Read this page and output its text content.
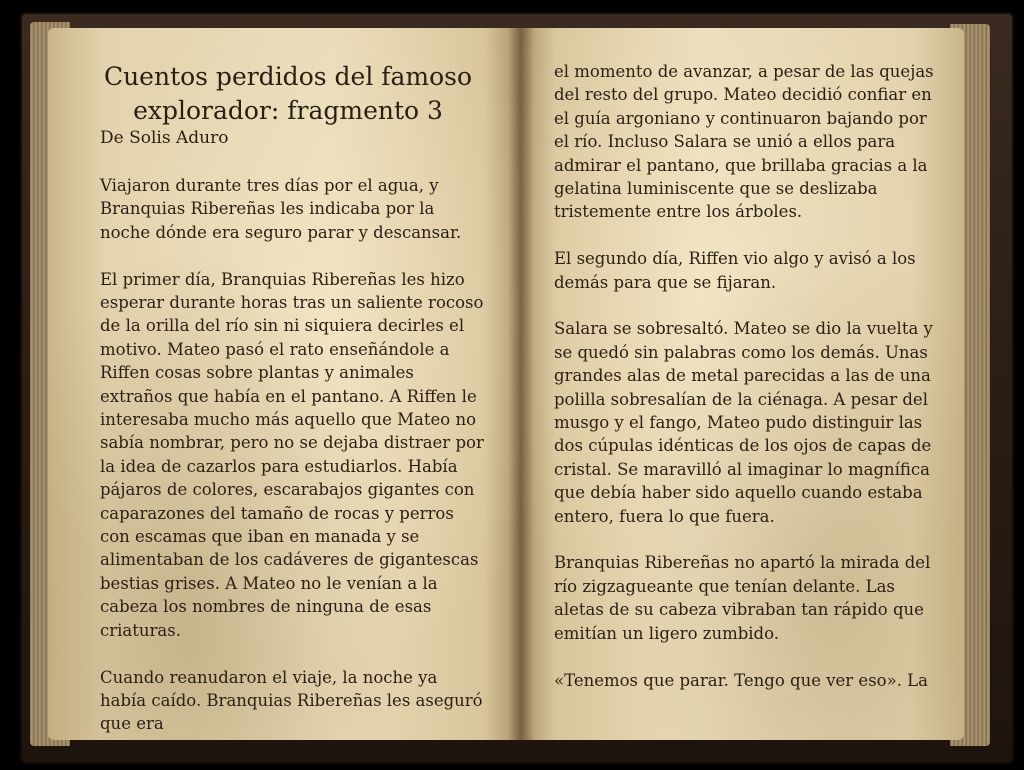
Cuentos perdidos del famoso explorador: fragmento 3
De Solis Aduro

Viajaron durante tres días por el agua, y Branquias Ribereñas les indicaba por la noche dónde era seguro parar y descansar.

El primer día, Branquias Ribereñas les hizo esperar durante horas tras un saliente rocoso de la orilla del río sin ni siquiera decirles el motivo. Mateo pasó el rato enseñándole a Riffen cosas sobre plantas y animales extraños que había en el pantano. A Riffen le interesaba mucho más aquello que Mateo no sabía nombrar, pero no se dejaba distraer por la idea de cazarlos para estudiarlos. Había pájaros de colores, escarabajos gigantes con caparazones del tamaño de rocas y perros con escamas que iban en manada y se alimentaban de los cadáveres de gigantescas bestias grises. A Mateo no le venían a la cabeza los nombres de ninguna de esas criaturas.

Cuando reanudaron el viaje, la noche ya había caído. Branquias Ribereñas les aseguró que era

el momento de avanzar, a pesar de las quejas del resto del grupo. Mateo decidió confiar en el guía argoniano y continuaron bajando por el río. Incluso Salara se unió a ellos para admirar el pantano, que brillaba gracias a la gelatina luminiscente que se deslizaba tristemente entre los árboles.

El segundo día, Riffen vio algo y avisó a los demás para que se fijaran.

Salara se sobresaltó. Mateo se dio la vuelta y se quedó sin palabras como los demás. Unas grandes alas de metal parecidas a las de una polilla sobresalían de la ciénaga. A pesar del musgo y el fango, Mateo pudo distinguir las dos cúpulas idénticas de los ojos de capas de cristal. Se maravilló al imaginar lo magnífica que debía haber sido aquello cuando estaba entero, fuera lo que fuera.

Branquias Ribereñas no apartó la mirada del río zigzagueante que tenían delante. Las aletas de su cabeza vibraban tan rápido que emitían un ligero zumbido.

«Tenemos que parar. Tengo que ver eso». La
